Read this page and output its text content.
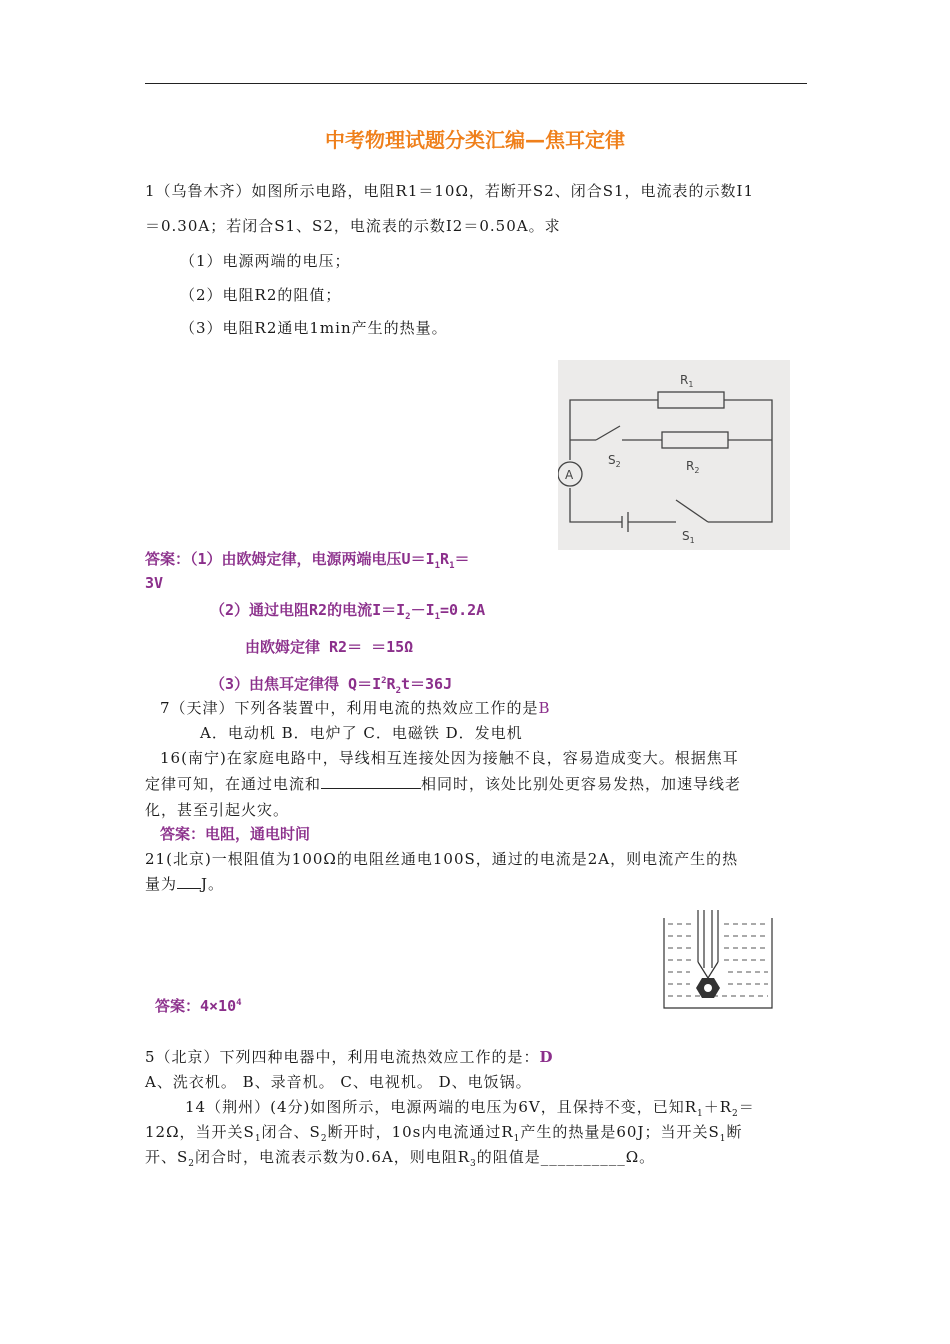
中考物理试题分类汇编—焦耳定律
1（乌鲁木齐）如图所示电路，电阻R1＝10Ω，若断开S2、闭合S1，电流表的示数I1
＝0.30A；若闭合S1、S2，电流表的示数I2＝0.50A。求
（1）电源两端的电压；
（2）电阻R2的阻值；
（3）电阻R2通电1min产生的热量。
$R_1$
$R_2$
$S_2$
$S_1$
A
答案：（1）由欧姆定律，电源两端电压$U=I_1R_1=$
3V
（2）通过电阻R2的电流$I=I_2-I_1=0.2A$
由欧姆定律 R2＝ ＝15Ω
（3）由焦耳定律得 $Q=I^2R_2t=36J$
7（天津）下列各装置中，利用电流的热效应工作的是B
A．电动机 B．电炉了 C．电磁铁 D．发电机
16(南宁)在家庭电路中，导线相互连接处因为接触不良，容易造成变大。根据焦耳
定律可知，在通过电流和	相同时，该处比别处更容易发热，加速导线老
化，甚至引起火灾。
答案：电阻，通电时间
21(北京)一根阻值为100Ω的电阻丝通电100S，通过的电流是2A，则电流产生的热
量为 J。
答案：$4\times 10^4$
5（北京）下列四种电器中，利用电流热效应工作的是：D
A、洗衣机。 B、录音机。 C、电视机。 D、电饭锅。
14（荆州）(4分)如图所示，电源两端的电压为6V，且保持不变，已知$R_1+R_2=$
12Ω，当开关$S_1$闭合、$S_2$断开时，10s内电流通过$R_1$产生的热量是60J；当开关$S_1$断
开、$S_2$闭合时，电流表示数为0.6A，则电阻$R_3$的阻值是__________Ω。
